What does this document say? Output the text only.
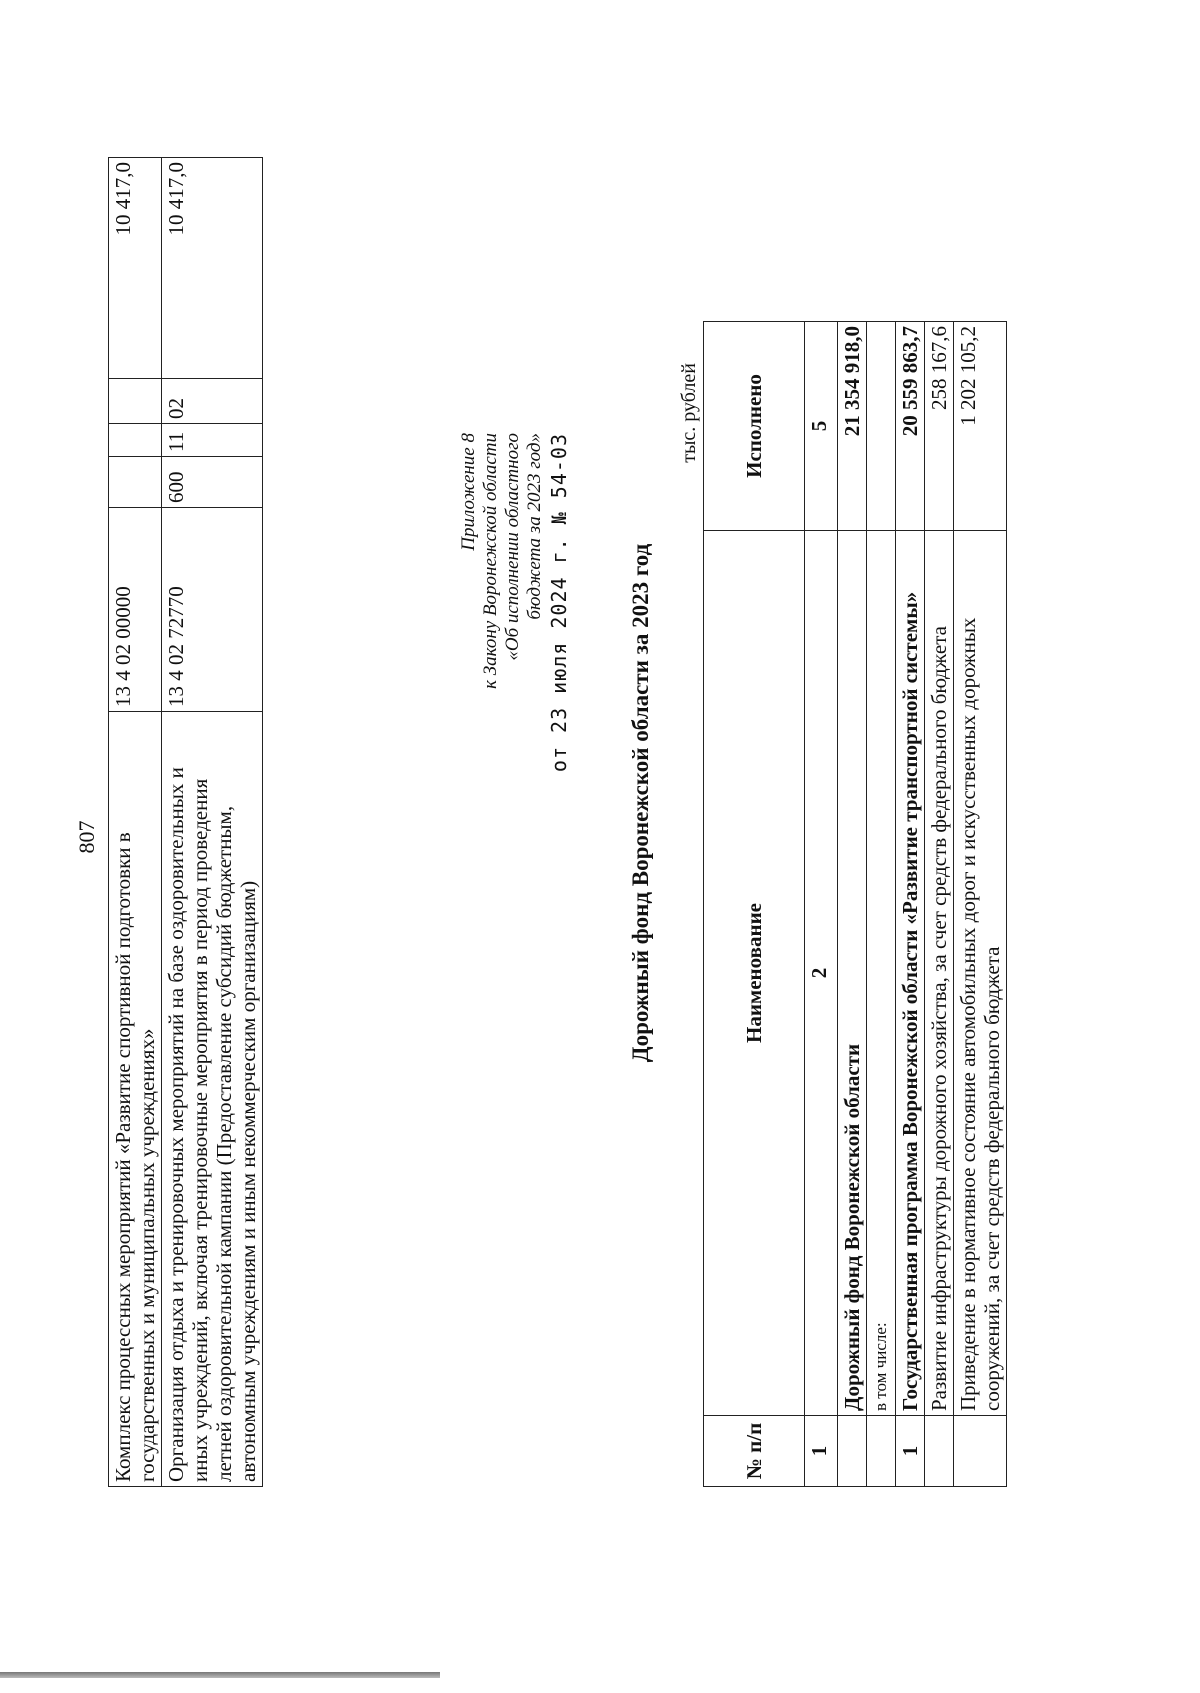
807 Комплекс процессных мероприятий «Развитие спортивной подготовки в государственных и муниципальных учреждениях»	13 4 02 00000				10 417,0
Организация отдыха и тренировочных мероприятий на базе оздоровительных и иных учреждений, включая тренировочные мероприятия в период проведения летней оздоровительной кампании (Предоставление субсидий бюджетным, автономным учреждениям и иным некоммерческим организациям)	13 4 02 72770	600	11	02	10 417,0
Приложение 8 к Закону Воронежской области «Об исполнении областного бюджета за 2023 год» от 23 июля 2024 г. № 54-03 Дорожный фонд Воронежской области за 2023 год
тыс. рублей
№ п/п	Наименование	Исполнено
1	2	5
	Дорожный фонд Воронежской области	21 354 918,0
	в том числе:	
1	Государственная программа Воронежской области «Развитие транспортной системы»	20 559 863,7
	Развитие инфраструктуры дорожного хозяйства, за счет средств федерального бюджета	258 167,6
	Приведение в нормативное состояние автомобильных дорог и искусственных дорожных сооружений, за счет средств федерального бюджета	1 202 105,2
